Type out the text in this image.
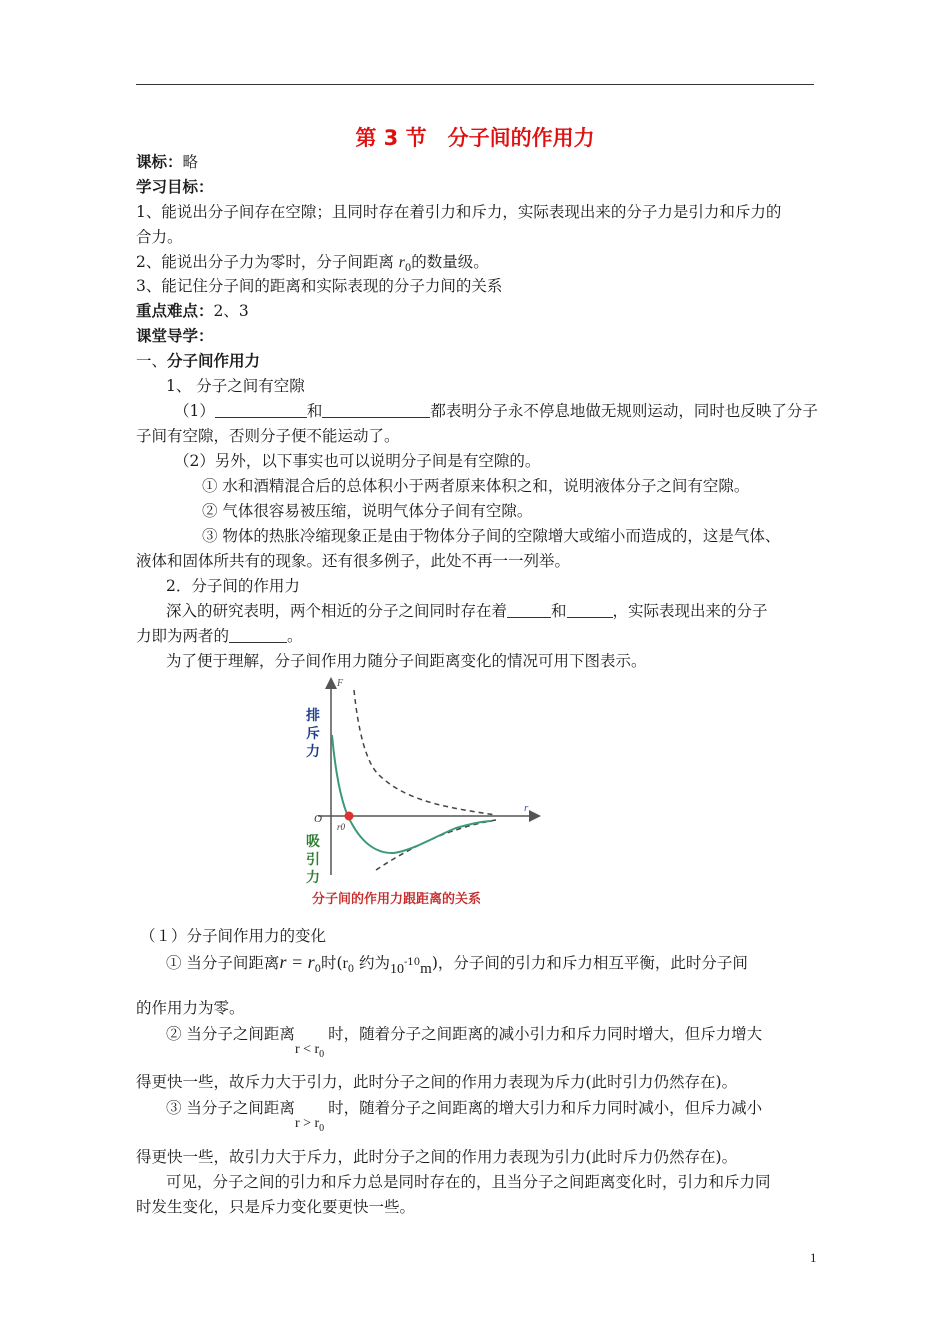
第 3 节　分子间的作用力
课标：略
学习目标：
1、能说出分子间存在空隙；且同时存在着引力和斥力，实际表现出来的分子力是引力和斥力的
合力。
2、能说出分子力为零时，分子间距离 $r_0$的数量级。
3、能记住分子间的距离和实际表现的分子力间的关系
重点难点：2、3
课堂导学：
一、分子间作用力
1、 分子之间有空隙
（1）	和	都表明分子永不停息地做无规则运动，同时也反映了分子
子间有空隙，否则分子便不能运动了。
（2）另外，以下事实也可以说明分子间是有空隙的。
① 水和酒精混合后的总体积小于两者原来体积之和，说明液体分子之间有空隙。
② 气体很容易被压缩，说明气体分子间有空隙。
③ 物体的热胀冷缩现象正是由于物体分子间的空隙增大或缩小而造成的，这是气体、
液体和固体所共有的现象。还有很多例子，此处不再一一列举。
2．分子间的作用力
深入的研究表明，两个相近的分子之间同时存在着	和	，实际表现出来的分子
力即为两者的	。
为了便于理解，分子间作用力随分子间距离变化的情况可用下图表示。
F
r
O
r0
排
斥
力
吸
引
力
分子间的作用力跟距离的关系
（１）分子间作用力的变化
① 当分子间距离$r = r_0$时($r_0$ 约为$10^{-10}m$)，分子间的引力和斥力相互平衡，此时分子间
的作用力为零。
② 当分子之间距离$r < r_0$时，随着分子之间距离的减小引力和斥力同时增大，但斥力增大
得更快一些，故斥力大于引力，此时分子之间的作用力表现为斥力(此时引力仍然存在)。
③ 当分子之间距离$r > r_0$时，随着分子之间距离的增大引力和斥力同时减小，但斥力减小
得更快一些，故引力大于斥力，此时分子之间的作用力表现为引力(此时斥力仍然存在)。
可见，分子之间的引力和斥力总是同时存在的，且当分子之间距离变化时，引力和斥力同
时发生变化，只是斥力变化要更快一些。
1
